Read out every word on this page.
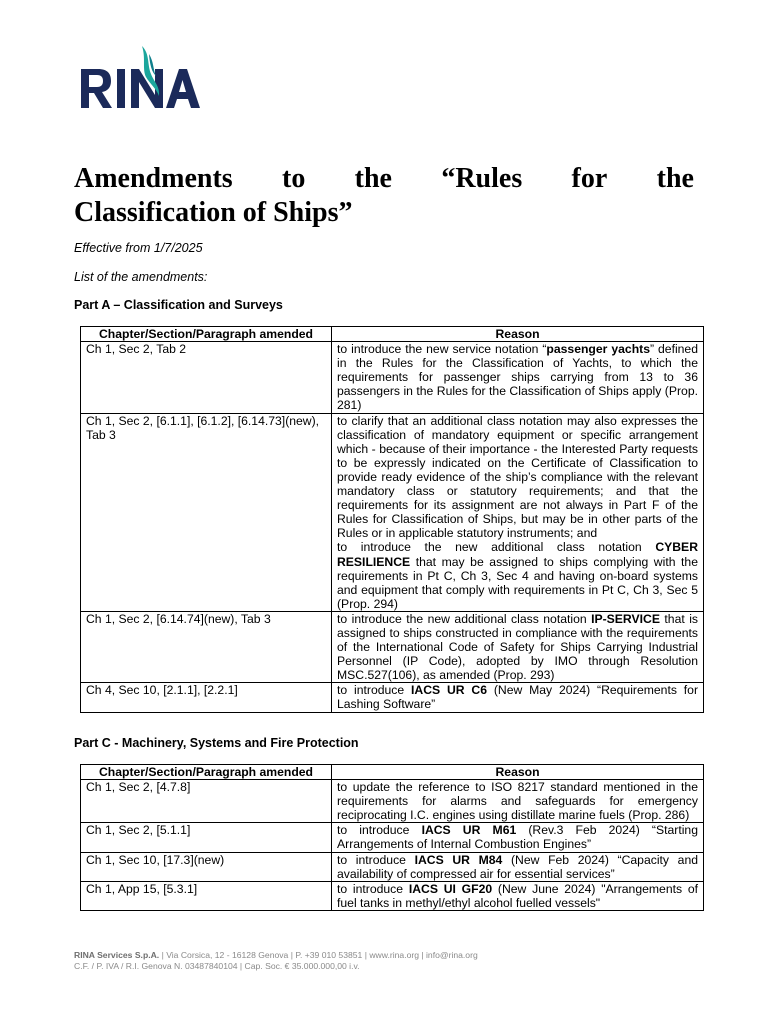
Amendments to the “Rules for the
Classification of Ships”

Effective from 1/7/2025

List of the amendments:

Part A – Classification and Surveys

Chapter/Section/Paragraph amended	Reason
Ch 1, Sec 2, Tab 2	to introduce the new service notation “passenger yachts” defined in the Rules for the Classification of Yachts, to which the requirements for passenger ships carrying from 13 to 36 passengers in the Rules for the Classification of Ships apply (Prop. 281)
Ch 1, Sec 2, [6.1.1], [6.1.2], [6.14.73](new), Tab 3	to clarify that an additional class notation may also expresses the classification of mandatory equipment or specific arrangement which - because of their importance - the Interested Party requests to be expressly indicated on the Certificate of Classification to provide ready evidence of the ship’s compliance with the relevant mandatory class or statutory requirements; and that the requirements for its assignment are not always in Part F of the Rules for Classification of Ships, but may be in other parts of the Rules or in applicable statutory instruments; and
to introduce the new additional class notation CYBER RESILIENCE that may be assigned to ships complying with the requirements in Pt C, Ch 3, Sec 4 and having on-board systems and equipment that comply with requirements in Pt C, Ch 3, Sec 5 (Prop. 294)
Ch 1, Sec 2, [6.14.74](new), Tab 3	to introduce the new additional class notation IP-SERVICE that is assigned to ships constructed in compliance with the requirements of the International Code of Safety for Ships Carrying Industrial Personnel (IP Code), adopted by IMO through Resolution MSC.527(106), as amended (Prop. 293)
Ch 4, Sec 10, [2.1.1], [2.2.1]	to introduce IACS UR C6 (New May 2024) “Requirements for Lashing Software”

Part C - Machinery, Systems and Fire Protection

Chapter/Section/Paragraph amended	Reason
Ch 1, Sec 2, [4.7.8]	to update the reference to ISO 8217 standard mentioned in the requirements for alarms and safeguards for emergency reciprocating I.C. engines using distillate marine fuels (Prop. 286)
Ch 1, Sec 2, [5.1.1]	to introduce IACS UR M61 (Rev.3 Feb 2024) “Starting Arrangements of Internal Combustion Engines”
Ch 1, Sec 10, [17.3](new)	to introduce IACS UR M84 (New Feb 2024) “Capacity and availability of compressed air for essential services”
Ch 1, App 15, [5.3.1]	to introduce IACS UI GF20 (New June 2024) "Arrangements of fuel tanks in methyl/ethyl alcohol fuelled vessels"
RINA Services S.p.A. | Via Corsica, 12 - 16128 Genova | P. +39 010 53851 | www.rina.org | info@rina.org
C.F. / P. IVA / R.I. Genova N. 03487840104 | Cap. Soc. € 35.000.000,00 i.v.
